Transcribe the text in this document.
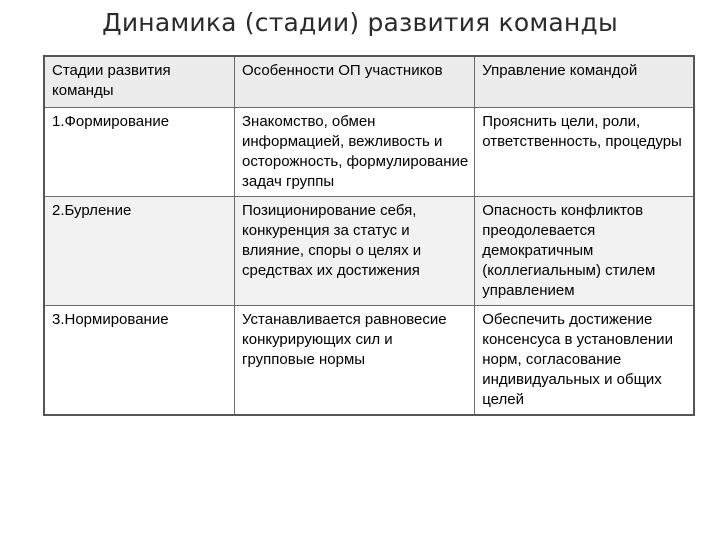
Динамика (стадии) развития команды
Стадии развития команды	Особенности ОП участников	Управление командой
1.Формирование	Знакомство, обмен информацией, вежливость и осторожность, формулирование задач группы	Прояснить цели, роли, ответственность, процедуры
2.Бурление	Позиционирование себя, конкуренция за статус и влияние, споры о целях и средствах их достижения	Опасность конфликтов преодолевается демократичным (коллегиальным) стилем управлением
3.Нормирование	Устанавливается равновесие конкурирующих сил и групповые нормы	Обеспечить достижение консенсуса в установлении норм, согласование индивидуальных и общих целей
